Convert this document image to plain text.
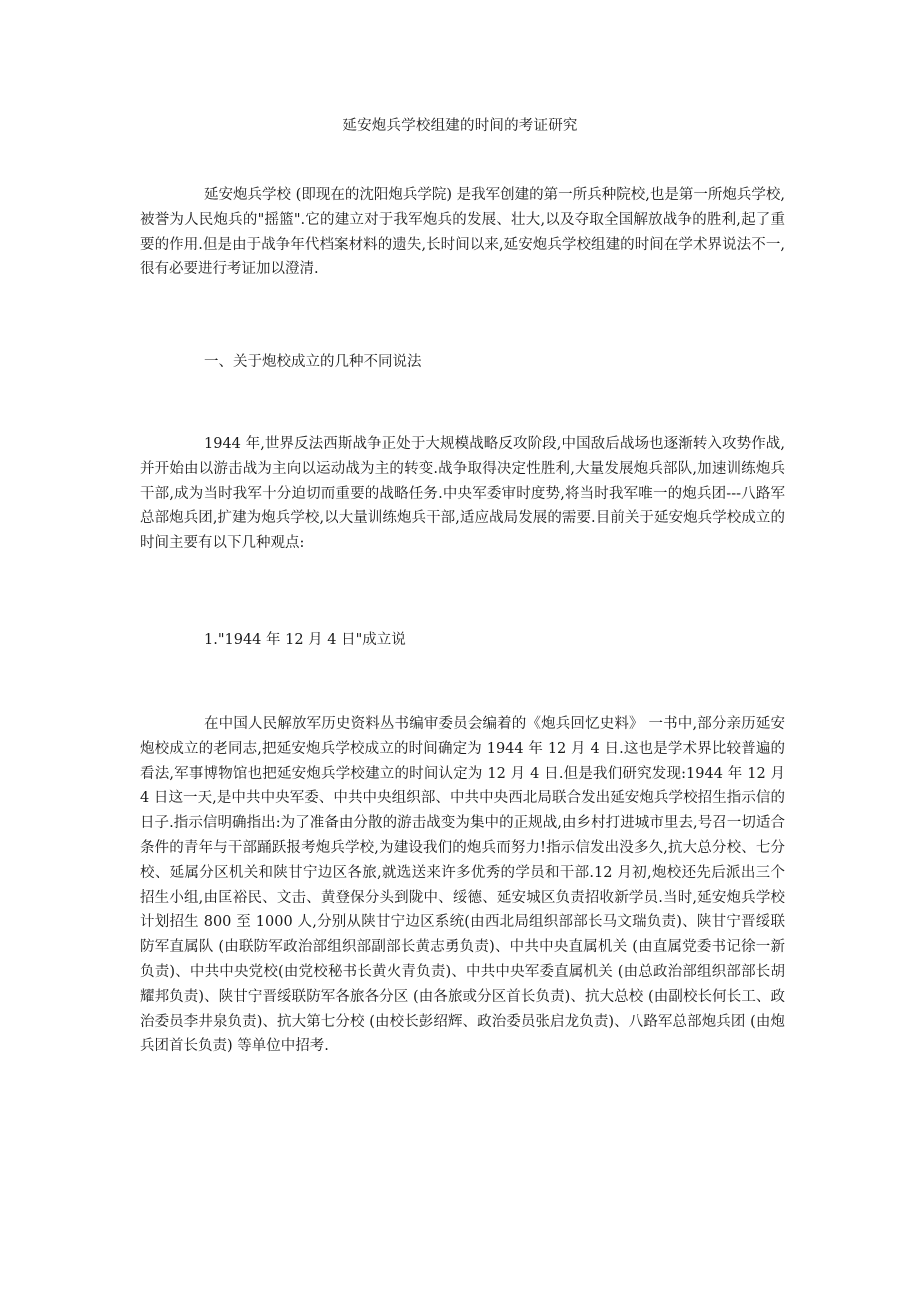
延安炮兵学校组建的时间的考证研究

延安炮兵学校 (即现在的沈阳炮兵学院) 是我军创建的第一所兵种院校,也是第一所炮兵学校,被誉为人民炮兵的"摇篮".它的建立对于我军炮兵的发展、壮大,以及夺取全国解放战争的胜利,起了重要的作用.但是由于战争年代档案材料的遗失,长时间以来,延安炮兵学校组建的时间在学术界说法不一,很有必要进行考证加以澄清.

一、关于炮校成立的几种不同说法

1944 年,世界反法西斯战争正处于大规模战略反攻阶段,中国敌后战场也逐渐转入攻势作战,并开始由以游击战为主向以运动战为主的转变.战争取得决定性胜利,大量发展炮兵部队,加速训练炮兵干部,成为当时我军十分迫切而重要的战略任务.中央军委审时度势,将当时我军唯一的炮兵团---八路军总部炮兵团,扩建为炮兵学校,以大量训练炮兵干部,适应战局发展的需要.目前关于延安炮兵学校成立的时间主要有以下几种观点:

1."1944 年 12 月 4 日"成立说

在中国人民解放军历史资料丛书编审委员会编着的《炮兵回忆史料》 一书中,部分亲历延安炮校成立的老同志,把延安炮兵学校成立的时间确定为 1944 年 12 月 4 日.这也是学术界比较普遍的看法,军事博物馆也把延安炮兵学校建立的时间认定为 12 月 4 日.但是我们研究发现:1944 年 12 月 4 日这一天,是中共中央军委、中共中央组织部、中共中央西北局联合发出延安炮兵学校招生指示信的日子.指示信明确指出:为了准备由分散的游击战变为集中的正规战,由乡村打进城市里去,号召一切适合条件的青年与干部踊跃报考炮兵学校,为建设我们的炮兵而努力!指示信发出没多久,抗大总分校、七分校、延属分区机关和陕甘宁边区各旅,就选送来许多优秀的学员和干部.12 月初,炮校还先后派出三个招生小组,由匡裕民、文击、黄登保分头到陇中、绥德、延安城区负责招收新学员.当时,延安炮兵学校计划招生 800 至 1000 人,分别从陕甘宁边区系统(由西北局组织部部长马文瑞负责)、陕甘宁晋绥联防军直属队 (由联防军政治部组织部副部长黄志勇负责)、中共中央直属机关 (由直属党委书记徐一新负责)、中共中央党校(由党校秘书长黄火青负责)、中共中央军委直属机关 (由总政治部组织部部长胡耀邦负责)、陕甘宁晋绥联防军各旅各分区 (由各旅或分区首长负责)、抗大总校 (由副校长何长工、政治委员李井泉负责)、抗大第七分校 (由校长彭绍辉、政治委员张启龙负责)、八路军总部炮兵团 (由炮兵团首长负责) 等单位中招考.
